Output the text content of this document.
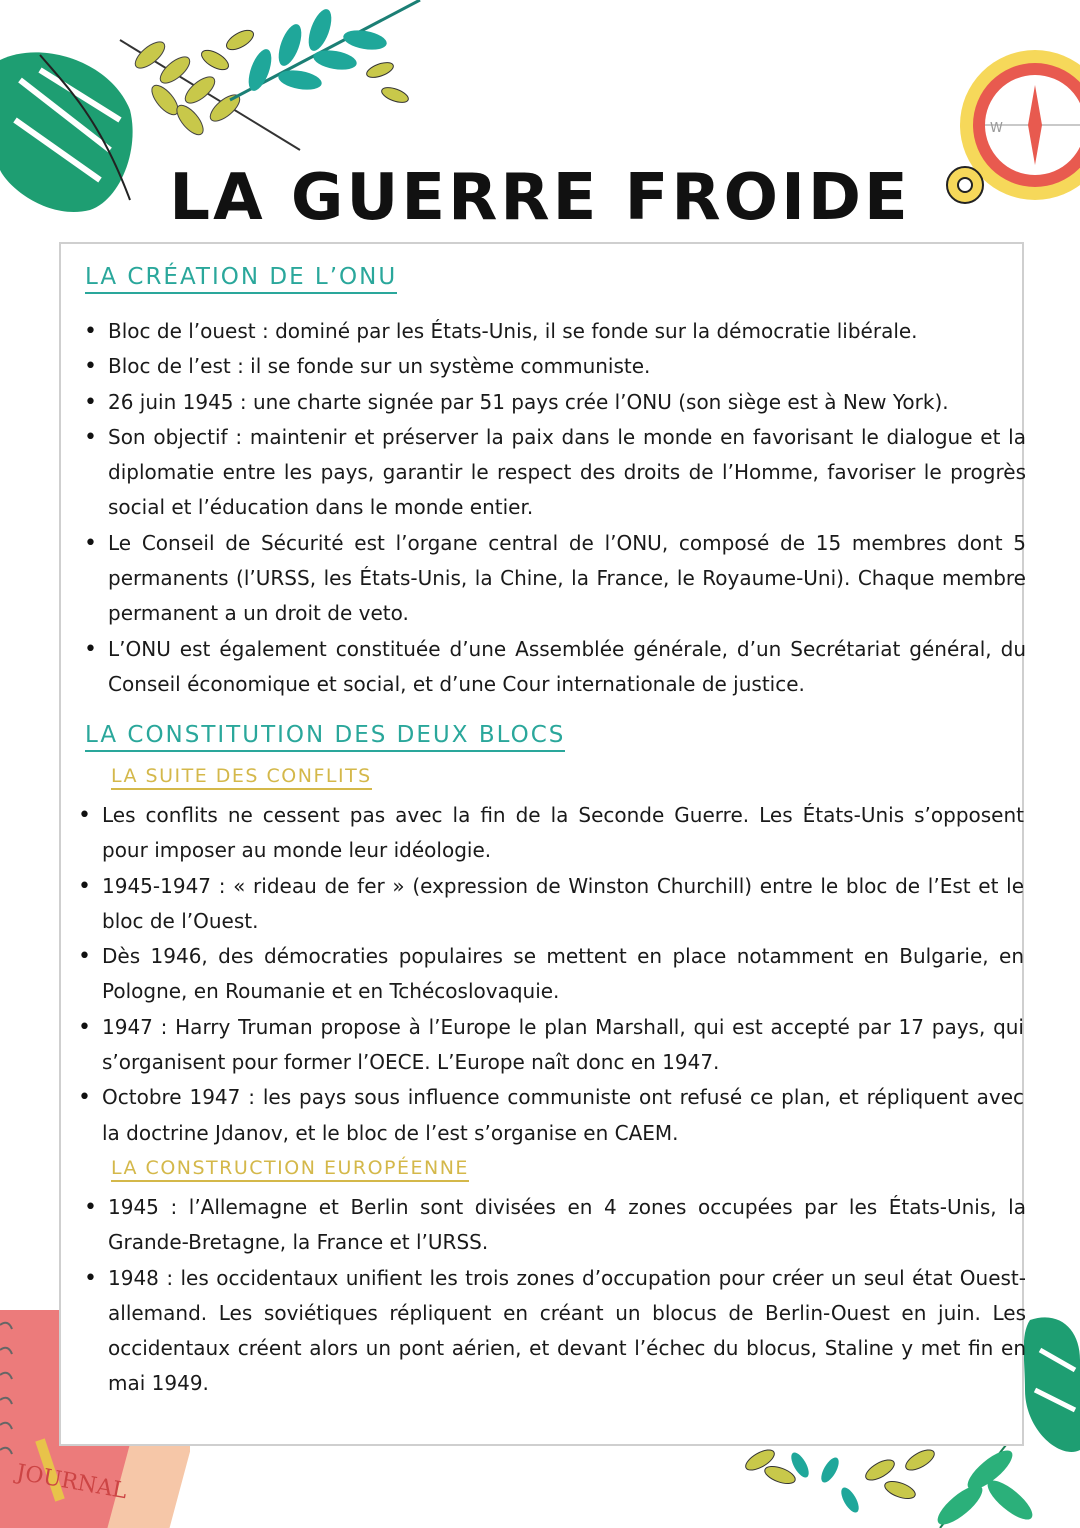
W
JOURNAL
LA GUERRE FROIDE
LA CRÉATION DE L’ONU
• Bloc de l’ouest : dominé par les États-Unis, il se fonde sur la démocratie libérale.
• Bloc de l’est : il se fonde sur un système communiste.
• 26 juin 1945 : une charte signée par 51 pays crée l’ONU (son siège est à New York).
• Son objectif : maintenir et préserver la paix dans le monde en favorisant le dialogue et la diplomatie entre les pays, garantir le respect des droits de l’Homme, favoriser le progrès social et l’éducation dans le monde entier.
• Le Conseil de Sécurité est l’organe central de l’ONU, composé de 15 membres dont 5 permanents (l’URSS, les États-Unis, la Chine, la France, le Royaume-Uni). Chaque membre permanent a un droit de veto.
• L’ONU est également constituée d’une Assemblée générale, d’un Secrétariat général, du Conseil économique et social, et d’une Cour internationale de justice.
LA CONSTITUTION DES DEUX BLOCS
LA SUITE DES CONFLITS
• Les conflits ne cessent pas avec la fin de la Seconde Guerre. Les États-Unis s’opposent pour imposer au monde leur idéologie.
• 1945-1947 : « rideau de fer » (expression de Winston Churchill) entre le bloc de l’Est et le bloc de l’Ouest.
• Dès 1946, des démocraties populaires se mettent en place notamment en Bulgarie, en Pologne, en Roumanie et en Tchécoslovaquie.
• 1947 : Harry Truman propose à l’Europe le plan Marshall, qui est accepté par 17 pays, qui s’organisent pour former l’OECE. L’Europe naît donc en 1947.
• Octobre 1947 : les pays sous influence communiste ont refusé ce plan, et répliquent avec la doctrine Jdanov, et le bloc de l’est s’organise en CAEM.
LA CONSTRUCTION EUROPÉENNE
• 1945 : l’Allemagne et Berlin sont divisées en 4 zones occupées par les États-Unis, la Grande-Bretagne, la France et l’URSS.
• 1948 : les occidentaux unifient les trois zones d’occupation pour créer un seul état Ouest-allemand. Les soviétiques répliquent en créant un blocus de Berlin-Ouest en juin. Les occidentaux créent alors un pont aérien, et devant l’échec du blocus, Staline y met fin en mai 1949.
